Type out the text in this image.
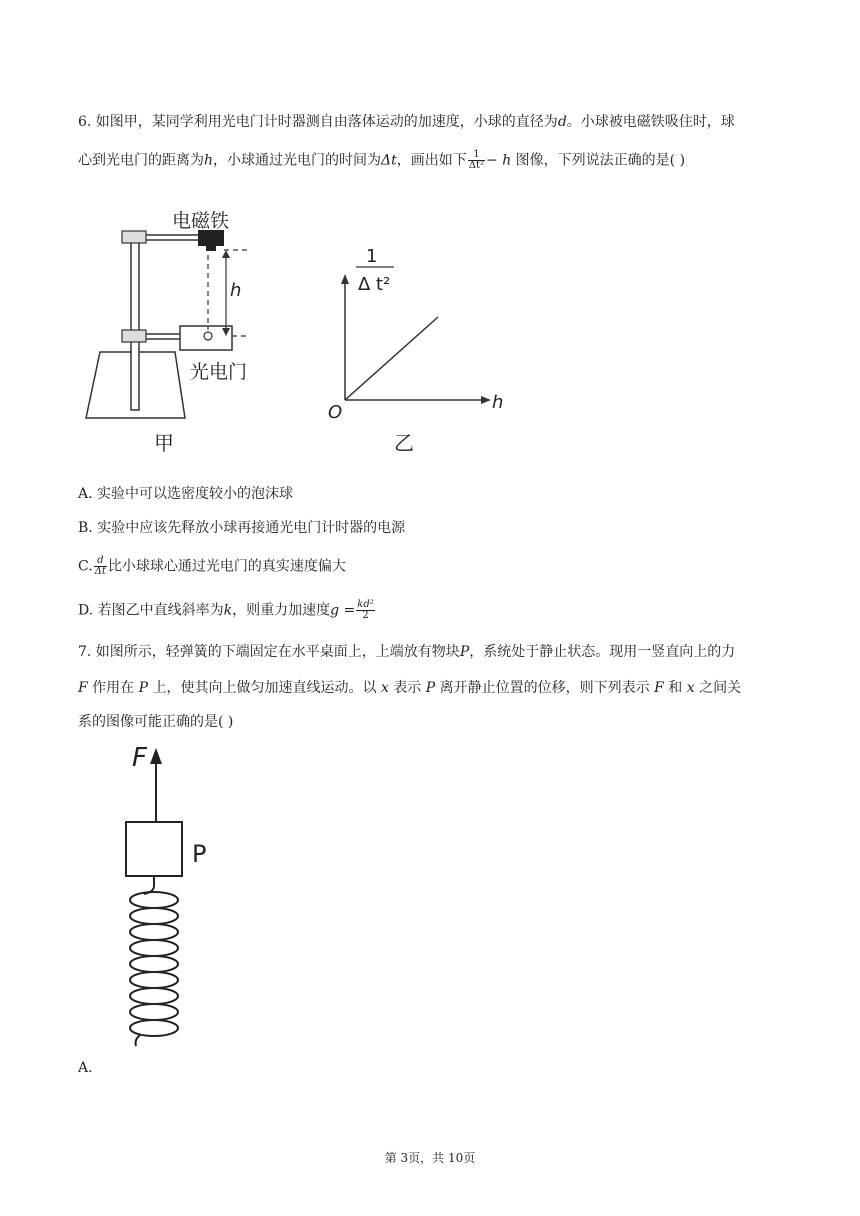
6. 如图甲，某同学利用光电门计时器测自由落体运动的加速度，小球的直径为d。小球被电磁铁吸住时，球

心到光电门的距离为h，小球通过光电门的时间为Δt，画出如下 $\frac{1}{\text{Δt²}} - h$ 图像，下列说法正确的是( )

h
电磁铁
光电门
甲
1
Δ t²
O	h
乙

A. 实验中可以选密度较小的泡沫球

B. 实验中应该先释放小球再接通光电门计时器的电源

C. $\frac{d}{\Delta t}$ 比小球球心通过光电门的真实速度偏大

D. 若图乙中直线斜率为k，则重力加速度$g = \frac{\text{kd²}}{2}$

7. 如图所示，轻弹簧的下端固定在水平桌面上，上端放有物块P，系统处于静止状态。现用一竖直向上的力

F 作用在 P 上，使其向上做匀加速直线运动。以 x 表示 P 离开静止位置的位移，则下列表示 F 和 x 之间关

系的图像可能正确的是( )

F
P

A.

第 3页，共 10页
